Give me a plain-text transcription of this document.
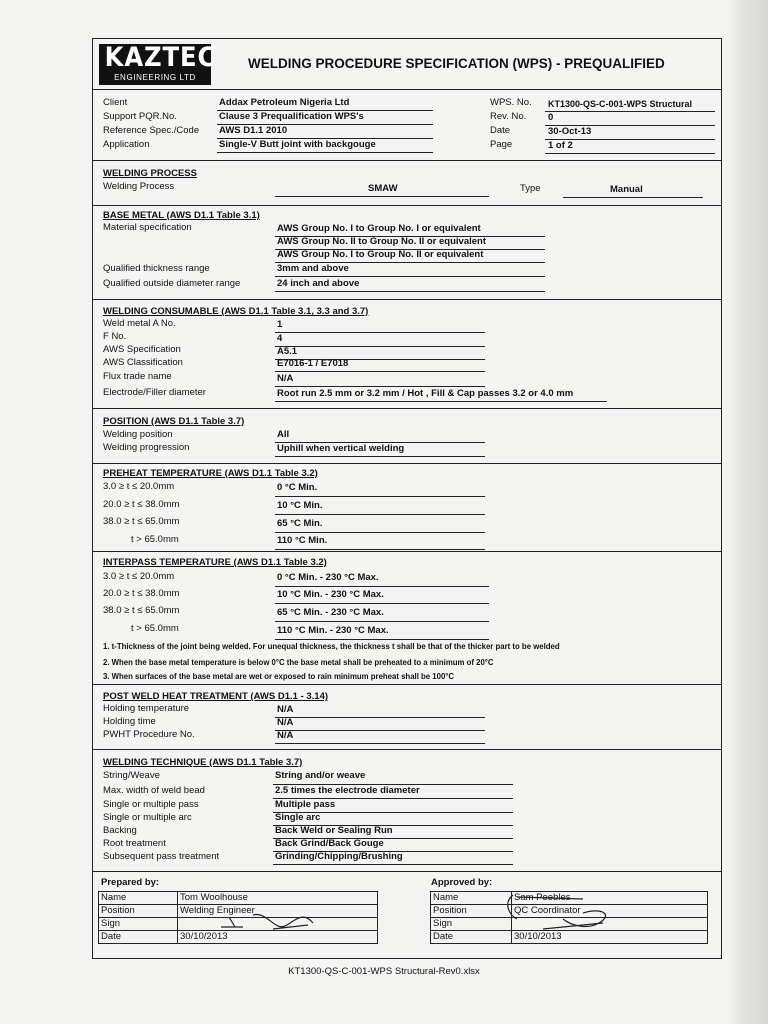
KAZTEC
ENGINEERING LTD
WELDING PROCEDURE SPECIFICATION (WPS) - PREQUALIFIED
Client	Addax Petroleum Nigeria Ltd
Support PQR.No.	Clause 3 Prequalification WPS's
Reference Spec./Code AWS D1.1 2010
Application	Single-V Butt joint with backgouge
WPS. No. KT1300-QS-C-001-WPS Structural
Rev. No. 0
Date	30-Oct-13
Page	1 of 2
WELDING PROCESS
Welding Process	SMAW	Type	Manual
BASE METAL (AWS D1.1 Table 3.1)
Material specification	AWS Group No. I to Group No. I or equivalent
AWS Group No. II to Group No. II or equivalent
AWS Group No. I to Group No. II or equivalent
Qualified thickness range	3mm and above
Qualified outside diameter range	24 inch and above
WELDING CONSUMABLE (AWS D1.1 Table 3.1, 3.3 and 3.7)
Weld metal A No.	1
F No.	4
AWS Specification	A5.1
AWS Classification	E7016-1 / E7018
Flux trade name	N/A
Electrode/Filler diameter	Root run 2.5 mm or 3.2 mm / Hot , Fill & Cap passes 3.2 or 4.0 mm
POSITION (AWS D1.1 Table 3.7)
Welding position	All
Welding progression	Uphill when vertical welding
PREHEAT TEMPERATURE (AWS D1.1 Table 3.2)
3.0 ≥ t ≤ 20.0mm	0 °C Min.
20.0 ≥ t ≤ 38.0mm	10 °C Min.
38.0 ≥ t ≤ 65.0mm	65 °C Min.
t > 65.0mm	110 °C Min.
INTERPASS TEMPERATURE (AWS D1.1 Table 3.2)
3.0 ≥ t ≤ 20.0mm	0 °C Min. - 230 °C Max.
20.0 ≥ t ≤ 38.0mm	10 °C Min. - 230 °C Max.
38.0 ≥ t ≤ 65.0mm	65 °C Min. - 230 °C Max.
t > 65.0mm	110 °C Min. - 230 °C Max.
1. t-Thickness of the joint being welded. For unequal thickness, the thickness t shall be that of the thicker part to be welded
2. When the base metal temperature is below 0°C the base metal shall be preheated to a minimum of 20°C
3. When surfaces of the base metal are wet or exposed to rain minimum preheat shall be 100°C
POST WELD HEAT TREATMENT (AWS D1.1 - 3.14)
Holding temperature	N/A
Holding time	N/A
PWHT Procedure No.	N/A
WELDING TECHNIQUE (AWS D1.1 Table 3.7)
String/Weave	String and/or weave
Max. width of weld bead	2.5 times the electrode diameter
Single or multiple pass	Multiple pass
Single or multiple arc	Single arc
Backing	Back Weld or Sealing Run
Root treatment	Back Grind/Back Gouge
Subsequent pass treatment	Grinding/Chipping/Brushing
Prepared by:
Name	Tom Woolhouse
Position	Welding Engineer
Sign	
Date	30/10/2013
Approved by:
Name	Sam Peebles
Position	QC Coordinator
Sign	
Date	30/10/2013
KT1300-QS-C-001-WPS Structural-Rev0.xlsx
